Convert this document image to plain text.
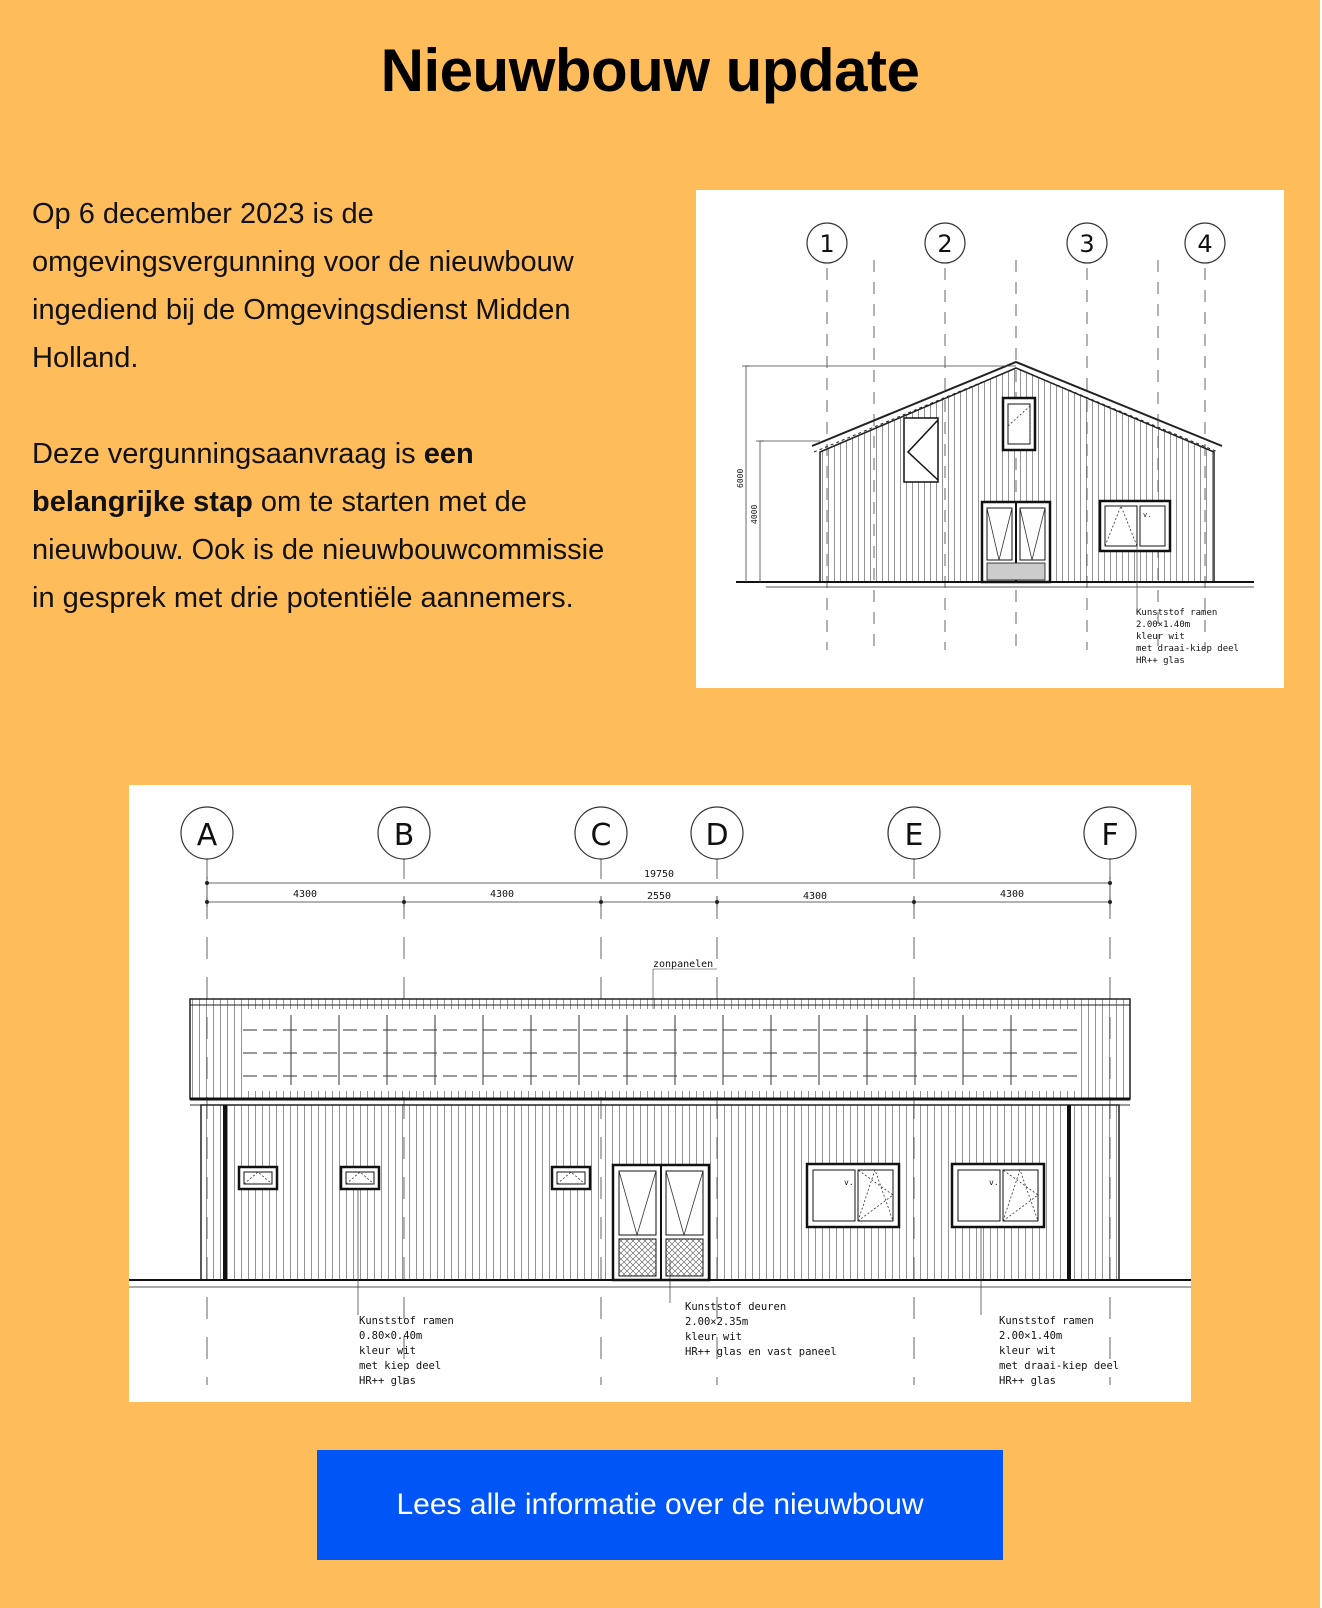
Nieuwbouw update

Op 6 december 2023 is de omgevingsvergunning voor de nieuwbouw ingediend bij de Omgevingsdienst Midden Holland.

Deze vergunningsaanvraag is een belangrijke stap om te starten met de nieuwbouw. Ook is de nieuwbouwcommissie in gesprek met drie potentiële aannemers.

1	2	3	4
v.
6000
4000
Kunststof ramen
2.00×1.40m
kleur wit
met draai-kiep deel
HR++ glas
A	B	C	D	E	F
19750
4300	4300	2550	4300	4300
zonpanelen
v.	v.
Kunststof ramen
0.80×0.40m
kleur wit
met kiep deel
HR++ glas
Kunststof deuren
2.00×2.35m
kleur wit
HR++ glas en vast paneel
Kunststof ramen
2.00×1.40m
kleur wit
met draai-kiep deel
HR++ glas
Lees alle informatie over de nieuwbouw
